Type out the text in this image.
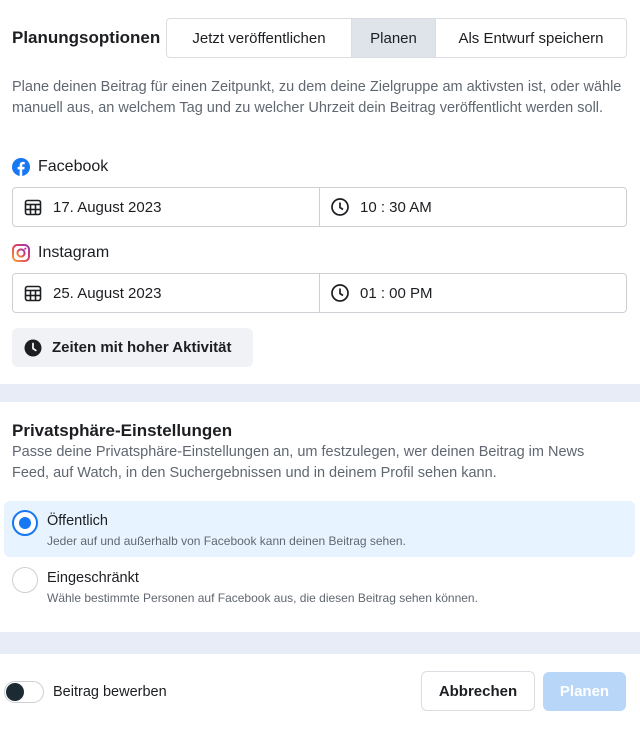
Planungsoptionen	Jetzt veröffentlichen	Planen	Als Entwurf speichern
Plane deinen Beitrag für einen Zeitpunkt, zu dem deine Zielgruppe am aktivsten ist, oder wähle manuell aus, an welchem Tag und zu welcher Uhrzeit dein Beitrag veröffentlicht werden soll.
Facebook
17. August 2023	10 : 30 AM
Instagram
25. August 2023	01 : 00 PM
Zeiten mit hoher Aktivität
Privatsphäre-Einstellungen
Passe deine Privatsphäre-Einstellungen an, um festzulegen, wer deinen Beitrag im News Feed, auf Watch, in den Suchergebnissen und in deinem Profil sehen kann.
Öffentlich
Jeder auf und außerhalb von Facebook kann deinen Beitrag sehen.
Eingeschränkt
Wähle bestimmte Personen auf Facebook aus, die diesen Beitrag sehen können.
Beitrag bewerben	Abbrechen	Planen
